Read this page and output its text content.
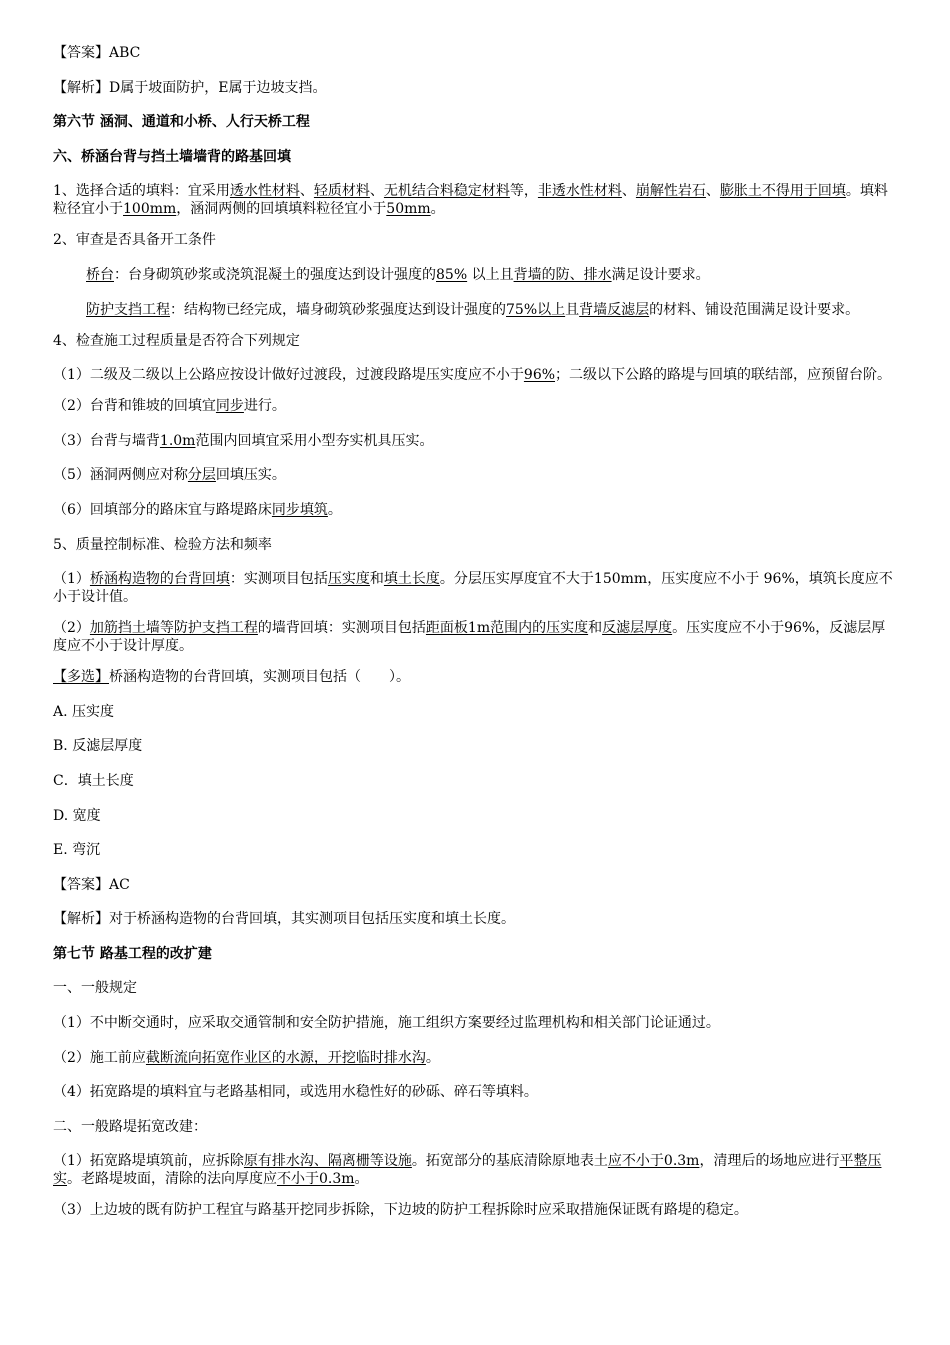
【答案】ABC
【解析】D属于坡面防护，E属于边坡支挡。
第六节 涵洞、通道和小桥、人行天桥工程
六、桥涵台背与挡土墙墙背的路基回填
1、选择合适的填料：宜采用透水性材料、轻质材料、无机结合料稳定材料等，非透水性材料、崩解性岩石、膨胀土不得用于回填。填料粒径宜小于100mm，涵洞两侧的回填填料粒径宜小于50mm。
2、审查是否具备开工条件
桥台：台身砌筑砂浆或浇筑混凝土的强度达到设计强度的85% 以上且背墙的防、排水满足设计要求。
防护支挡工程：结构物已经完成，墙身砌筑砂浆强度达到设计强度的75%以上且背墙反滤层的材料、铺设范围满足设计要求。
4、检查施工过程质量是否符合下列规定
（1）二级及二级以上公路应按设计做好过渡段，过渡段路堤压实度应不小于96%；二级以下公路的路堤与回填的联结部，应预留台阶。
（2）台背和锥坡的回填宜同步进行。
（3）台背与墙背1.0m范围内回填宜采用小型夯实机具压实。
（5）涵洞两侧应对称分层回填压实。
（6）回填部分的路床宜与路堤路床同步填筑。
5、质量控制标准、检验方法和频率
（1）桥涵构造物的台背回填：实测项目包括压实度和填土长度。分层压实厚度宜不大于150mm，压实度应不小于 96%，填筑长度应不小于设计值。
（2）加筋挡土墙等防护支挡工程的墙背回填：实测项目包括距面板1m范围内的压实度和反滤层厚度。压实度应不小于96%，反滤层厚度应不小于设计厚度。
【多选】桥涵构造物的台背回填，实测项目包括（　　）。
A. 压实度
B. 反滤层厚度
C．填土长度
D. 宽度
E. 弯沉
【答案】AC
【解析】对于桥涵构造物的台背回填，其实测项目包括压实度和填土长度。
第七节 路基工程的改扩建
一、一般规定
（1）不中断交通时，应采取交通管制和安全防护措施，施工组织方案要经过监理机构和相关部门论证通过。
（2）施工前应截断流向拓宽作业区的水源，开挖临时排水沟。
（4）拓宽路堤的填料宜与老路基相同，或选用水稳性好的砂砾、碎石等填料。
二、一般路堤拓宽改建：
（1）拓宽路堤填筑前，应拆除原有排水沟、隔离栅等设施。拓宽部分的基底清除原地表土应不小于0.3m，清理后的场地应进行平整压实。老路堤坡面，清除的法向厚度应不小于0.3m。
（3）上边坡的既有防护工程宜与路基开挖同步拆除，下边坡的防护工程拆除时应采取措施保证既有路堤的稳定。
